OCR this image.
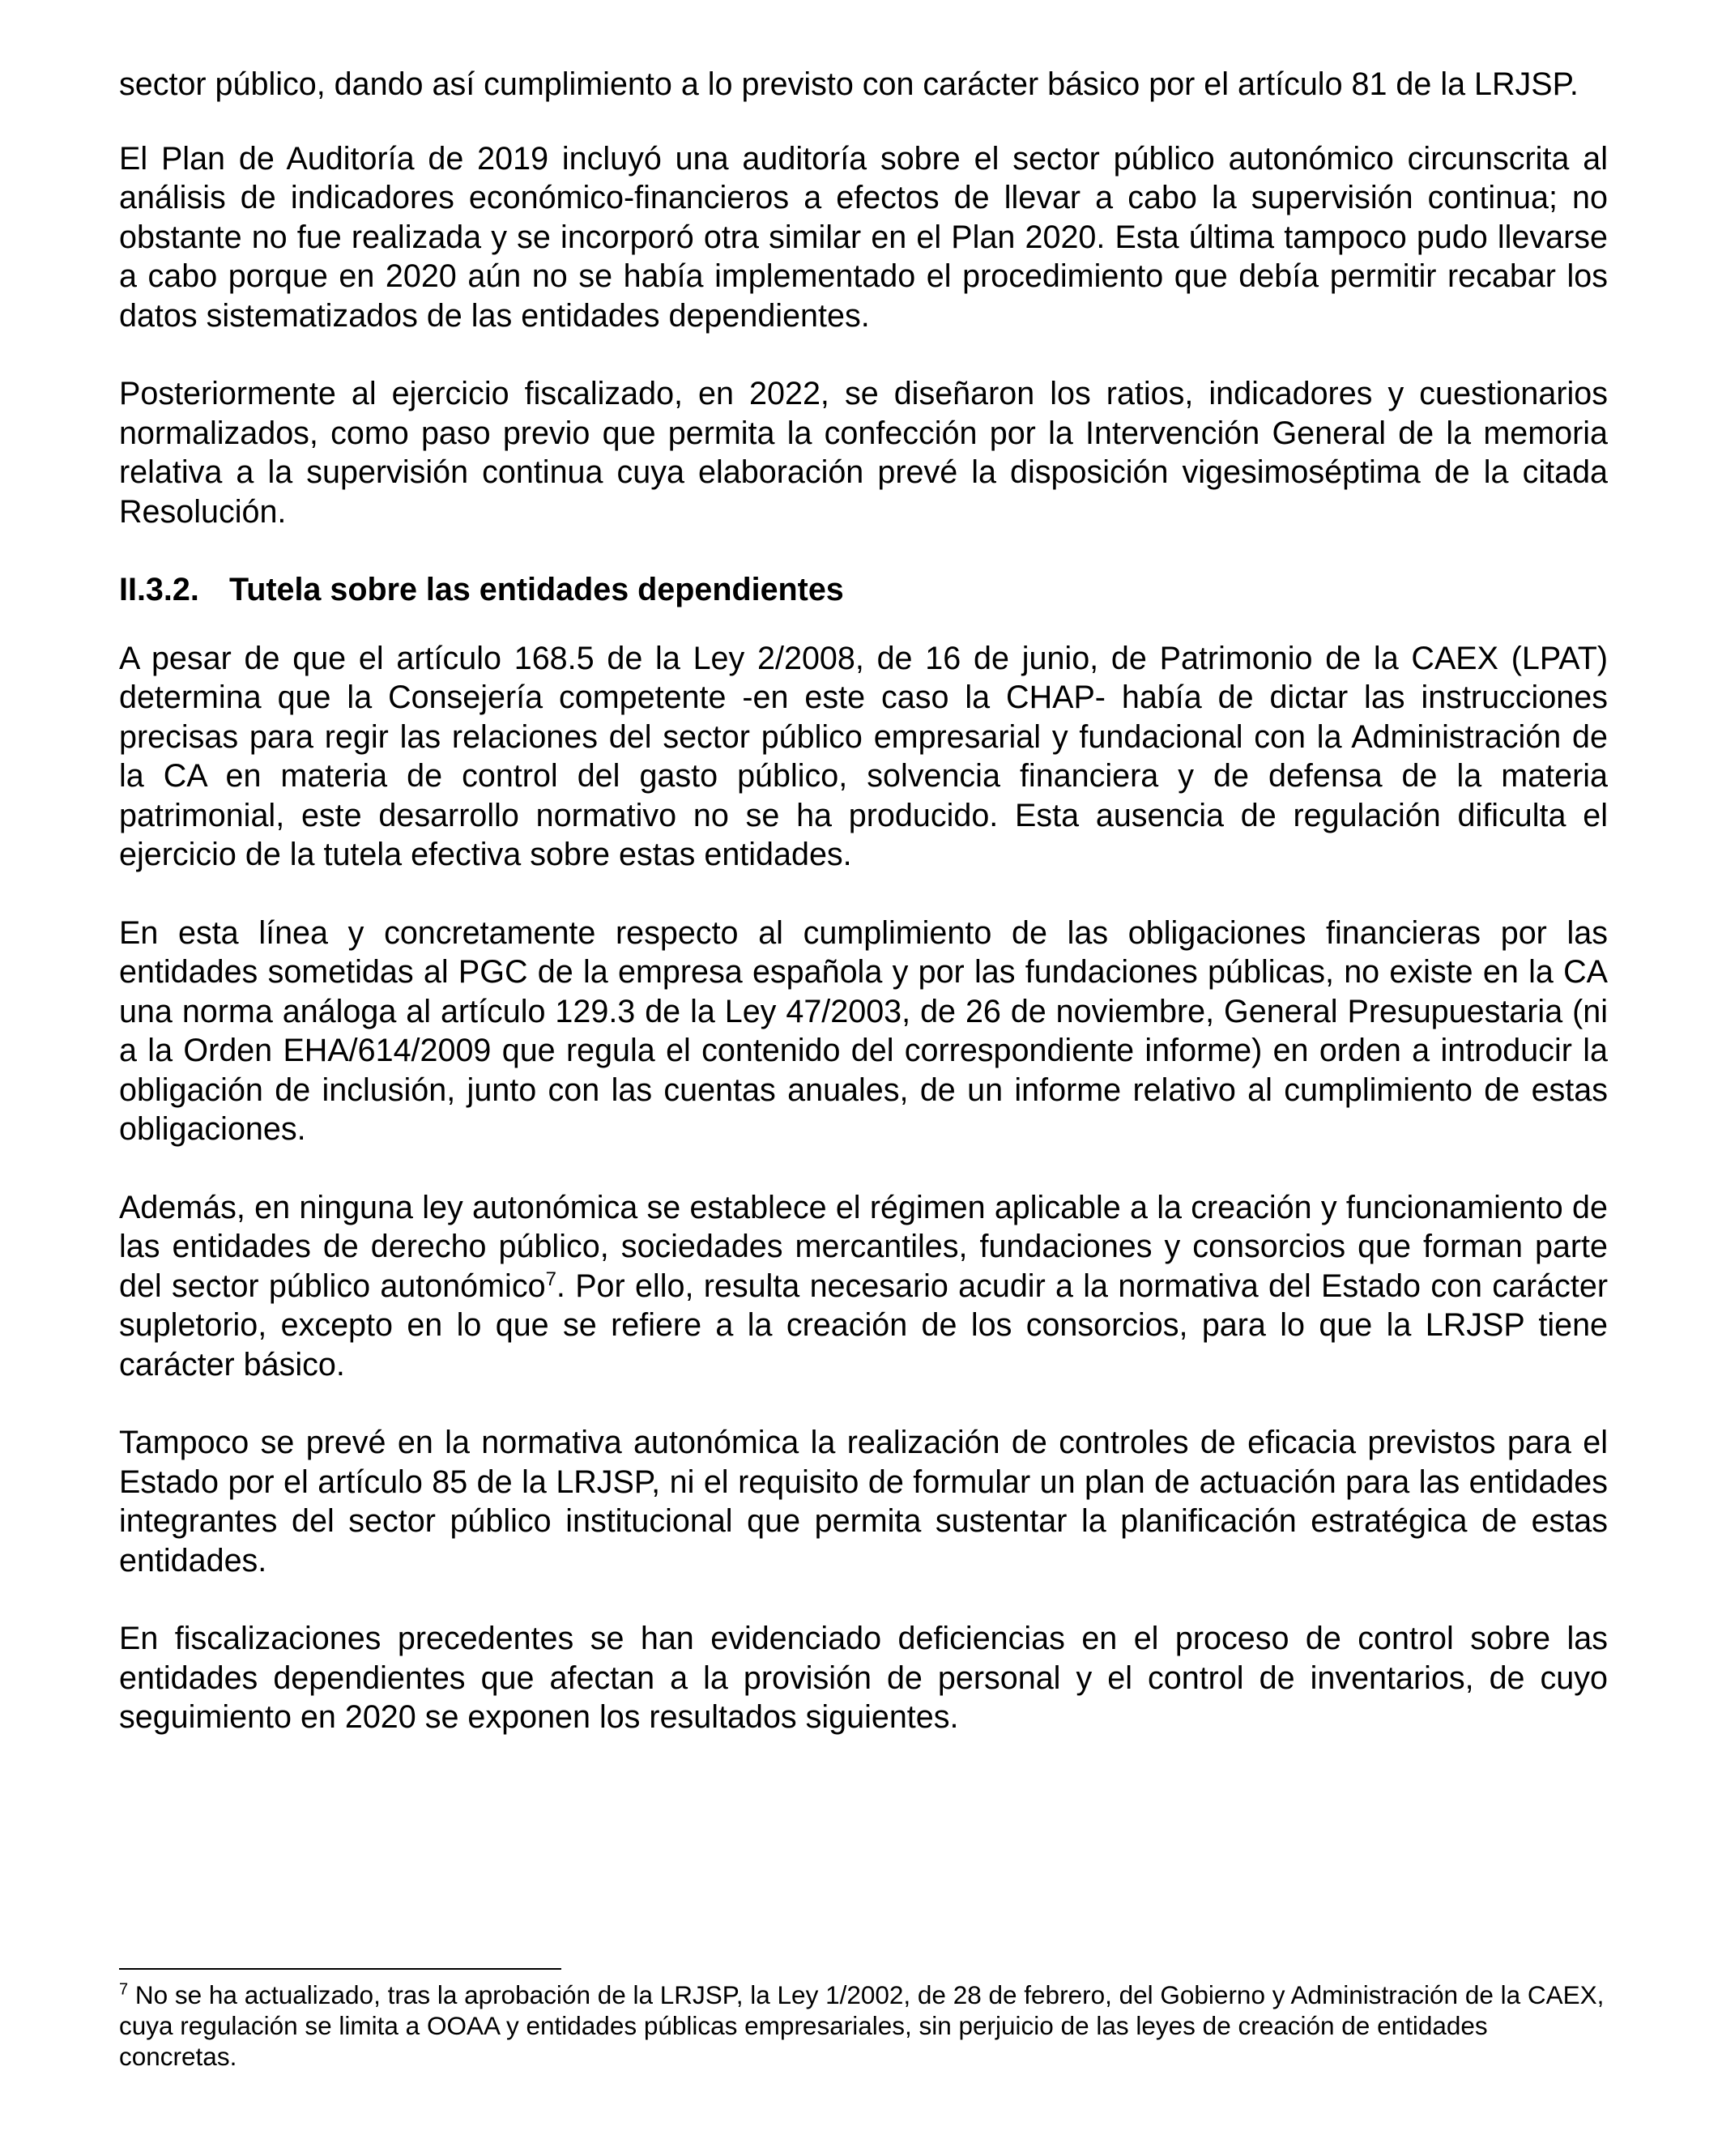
sector público, dando así cumplimiento a lo previsto con carácter básico por el artículo 81 de la LRJSP.

El Plan de Auditoría de 2019 incluyó una auditoría sobre el sector público autonómico circunscrita al análisis de indicadores económico-financieros a efectos de llevar a cabo la supervisión continua; no obstante no fue realizada y se incorporó otra similar en el Plan 2020. Esta última tampoco pudo llevarse a cabo porque en 2020 aún no se había implementado el procedimiento que debía permitir recabar los datos sistematizados de las entidades dependientes.

Posteriormente al ejercicio fiscalizado, en 2022, se diseñaron los ratios, indicadores y cuestionarios normalizados, como paso previo que permita la confección por la Intervención General de la memoria relativa a la supervisión continua cuya elaboración prevé la disposición vigesimoséptima de la citada Resolución.

II.3.2. Tutela sobre las entidades dependientes

A pesar de que el artículo 168.5 de la Ley 2/2008, de 16 de junio, de Patrimonio de la CAEX (LPAT) determina que la Consejería competente -en este caso la CHAP- había de dictar las instrucciones precisas para regir las relaciones del sector público empresarial y fundacional con la Administración de la CA en materia de control del gasto público, solvencia financiera y de defensa de la materia patrimonial, este desarrollo normativo no se ha producido. Esta ausencia de regulación dificulta el ejercicio de la tutela efectiva sobre estas entidades.

En esta línea y concretamente respecto al cumplimiento de las obligaciones financieras por las entidades sometidas al PGC de la empresa española y por las fundaciones públicas, no existe en la CA una norma análoga al artículo 129.3 de la Ley 47/2003, de 26 de noviembre, General Presupuestaria (ni a la Orden EHA/614/2009 que regula el contenido del correspondiente informe) en orden a introducir la obligación de inclusión, junto con las cuentas anuales, de un informe relativo al cumplimiento de estas obligaciones.

Además, en ninguna ley autonómica se establece el régimen aplicable a la creación y funcionamiento de las entidades de derecho público, sociedades mercantiles, fundaciones y consorcios que forman parte del sector público autonómico$^7$. Por ello, resulta necesario acudir a la normativa del Estado con carácter supletorio, excepto en lo que se refiere a la creación de los consorcios, para lo que la LRJSP tiene carácter básico.

Tampoco se prevé en la normativa autonómica la realización de controles de eficacia previstos para el Estado por el artículo 85 de la LRJSP, ni el requisito de formular un plan de actuación para las entidades integrantes del sector público institucional que permita sustentar la planificación estratégica de estas entidades.

En fiscalizaciones precedentes se han evidenciado deficiencias en el proceso de control sobre las entidades dependientes que afectan a la provisión de personal y el control de inventarios, de cuyo seguimiento en 2020 se exponen los resultados siguientes.

$^7$ No se ha actualizado, tras la aprobación de la LRJSP, la Ley 1/2002, de 28 de febrero, del Gobierno y Administración de la CAEX, cuya regulación se limita a OOAA y entidades públicas empresariales, sin perjuicio de las leyes de creación de entidades concretas.
